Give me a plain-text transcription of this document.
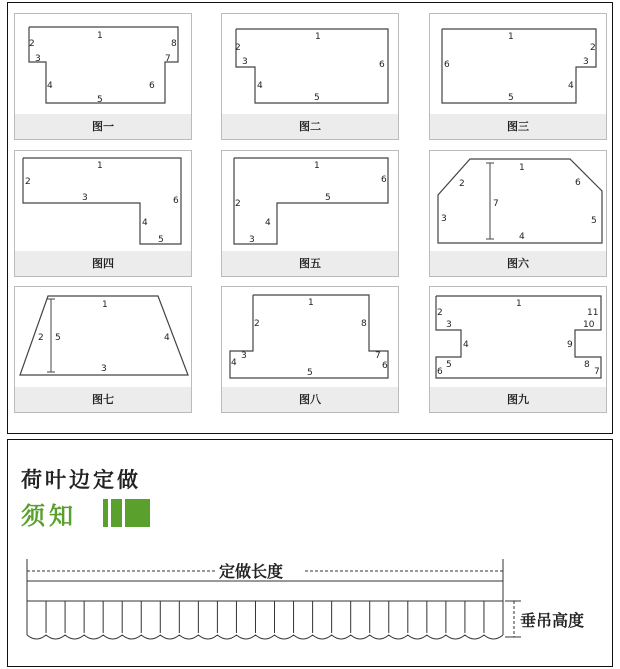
1
2
3
4
5
6
7
8
图一
1
2
3
4
5
6
图二
1
2
3
4
5
6
图三
1
2
3
4
5
6
图四
1
2
3
4
5
6
图五
1
2
3
4
5
6
7
图六
1
2
3
4
5
图七
1
2
3
4
5
6
7
8
图八
1
2
3
4
5
6	7
8
9
10
11
图九
荷叶边定做
须知
定做长度
垂吊高度
